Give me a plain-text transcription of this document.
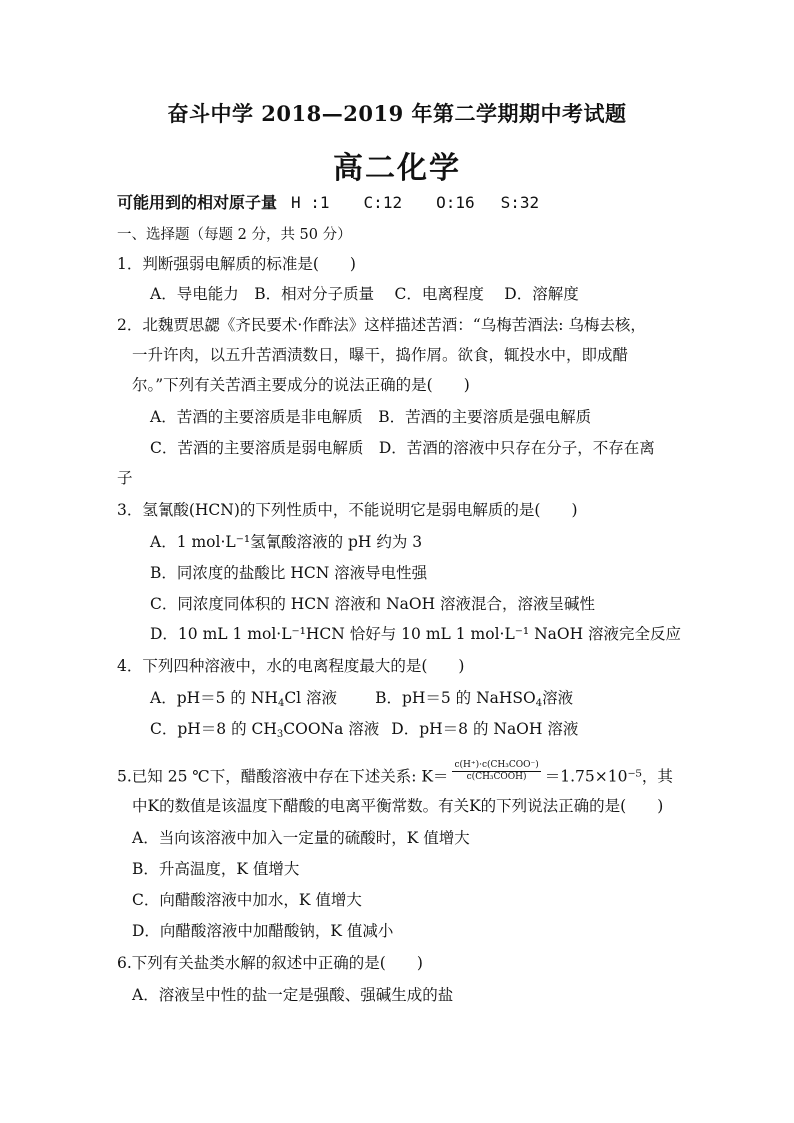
奋斗中学 2018—2019 年第二学期期中考试题
高二化学
可能用到的相对原子量 H :1 C:12 O:16 S:32
一、选择题（每题 2 分，共 50 分）
1．判断强弱电解质的标准是(　　)
A．导电能力　B．相对分子质量　 C．电离程度　 D．溶解度
2．北魏贾思勰《齐民要术·作酢法》这样描述苦酒：“乌梅苦酒法: 乌梅去核，
一升许肉，以五升苦酒渍数日，曝干，捣作屑。欲食，辄投水中，即成醋
尔。”下列有关苦酒主要成分的说法正确的是(　　)
A．苦酒的主要溶质是非电解质　B．苦酒的主要溶质是强电解质
C．苦酒的主要溶质是弱电解质　D．苦酒的溶液中只存在分子，不存在离
子
3．氢氰酸(HCN)的下列性质中，不能说明它是弱电解质的是(　　)
A．1 mol·L⁻¹氢氰酸溶液的 pH 约为 3
B．同浓度的盐酸比 HCN 溶液导电性强
C．同浓度同体积的 HCN 溶液和 NaOH 溶液混合，溶液呈碱性
D．10 mL 1 mol·L⁻¹HCN 恰好与 10 mL 1 mol·L⁻¹ NaOH 溶液完全反应
4．下列四种溶液中，水的电离程度最大的是(　　)
A．pH＝5 的 $NH_4Cl$ 溶液 B．pH＝5 的 NaHSO$_4$溶液
C．pH＝8 的 $CH_3COONa$ 溶液 D．pH＝8 的 NaOH 溶液
5.已知 25 ℃下，醋酸溶液中存在下述关系: $K= \frac{\text{c(H⁺)·c(CH₃COO⁻)}}{\text{c(CH₃COOH)}} =1.75\times 10^{-5}$，其
中K的数值是该温度下醋酸的电离平衡常数。有关K的下列说法正确的是(　　)
A．当向该溶液中加入一定量的硫酸时，K 值增大
B．升高温度，K 值增大
C．向醋酸溶液中加水，K 值增大
D．向醋酸溶液中加醋酸钠，K 值减小
6.下列有关盐类水解的叙述中正确的是(　　)
A．溶液呈中性的盐一定是强酸、强碱生成的盐
